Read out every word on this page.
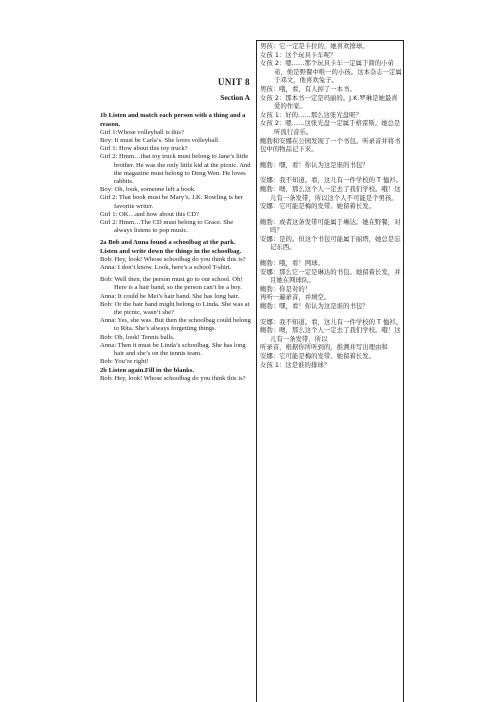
UNIT 8
Section A
1b Listen and match each person with a thing and a reason.
Girl 1:Whose volleyball is this?
Boy: It must be Carla’s. She loves volleyball.
Girl 1: How about this toy truck?
Girl 2: Hmm…that toy truck must belong to Jane’s little brother. He was the only little kid at the picnic. And the magazine must belong to Deng Wen. He loves rabbits.
Boy: Oh, look, someone left a book.
Girl 2: That book must be Mary’s. J.K. Rowling is her favorite writer.
Girl 1: OK…and how about this CD?
Girl 2: Hmm…The CD must belong to Grace. She always listens to pop music.
2a Bob and Anna found a schoolbag at the park. Listen and write down the things in the schoolbag.
Bob: Hey, look! Whose schoolbag do you think this is?
Anna: I don’t know. Look, here’s a school T-shirt.
Bob: Well then, the person must go to our school. Oh! Here is a hair band, so the person can’t be a boy.
Anna: It could be Mei’s hair band. She has long hair.
Bob: Or the hair band might belong to Linda. She was at the picnic, wasn’t she?
Anna: Yes, she was. But then the schoolbag could belong to Rita. She’s always forgetting things.
Bob: Oh, look! Tennis balls.
Anna: Then it must be Linda’s schoolbag. She has long hair and she’s on the tennis team.
Bob: You’re right!
2b Listen again.Fill in the blanks.
Bob: Hey, look! Whose schoolbag do you think this is?
男孩：它一定是卡拉的，她喜欢排球。
女孩 1：这个玩具卡车呢？
女孩 2：嗯……那个玩具卡车一定属于简的小弟弟，他是野餐中唯一的小孩。这本杂志一定属于邓文，他喜欢兔子。
男孩：哦，看，有人掉了一本书。
女孩 2：那本书一定是玛丽的。J.K.罗琳是她最喜爱的作家。
女孩 1：好的……那么这张光盘呢？
女孩 2：嗯……这张光盘一定属于格雷斯。她总是听流行音乐。
鲍勃和安娜在公园发现了一个书包。听录音并将书包中的物品记下来。
鲍勃：嘿，看！你认为这是谁的书包？
安娜：我不知道。看，这儿有一件学校的 T 恤衫。
鲍勃：噢，那么这个人一定去了我们学校。哦！这儿有一条发带，所以这个人不可能是个男孩。
安娜：它可能是梅的发带。她留着长发。
鲍勃：或者这条发带可能属于琳达。她在野餐，对吗？
安娜：是的。但这个书包可能属于丽塔，她总是忘记东西。
鲍勃：哦，看！网球。
安娜：那么它一定是琳达的书包。她留着长发，并且她在网球队。
鲍勃：你是对的！
再听一遍录音，并填空。
鲍勃：嘿，看！你认为这是谁的书包？
安娜：我不知道。看，这儿有一件学校的 T 恤衫。
鲍勃：噢，那么这个人一定去了我们学校。哦！这儿有一条发带，所以
听录音，根据你所听到的，推测并写出理由和
安娜：它可能是梅的发带。她留着长发。
女孩 1：这是谁的排球？
